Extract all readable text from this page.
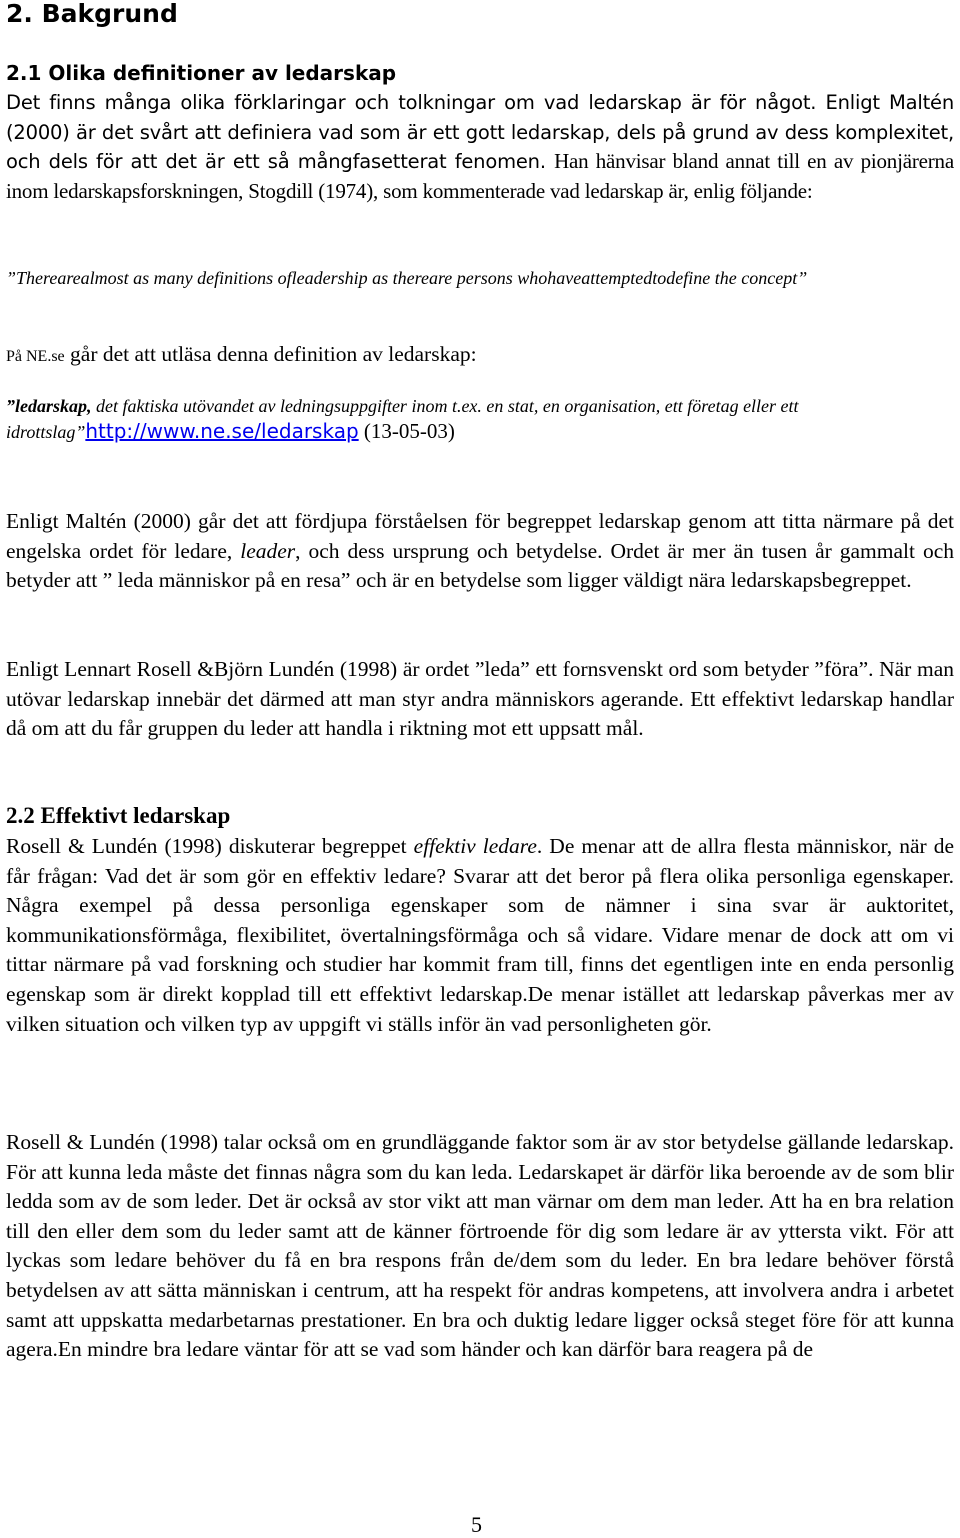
2. Bakgrund
2.1 Olika definitioner av ledarskap

Det finns många olika förklaringar och tolkningar om vad ledarskap är för något. Enligt Maltén (2000) är det svårt att definiera vad som är ett gott ledarskap, dels på grund av dess komplexitet, och dels för att det är ett så mångfasetterat fenomen. Han hänvisar bland annat till en av pionjärerna inom ledarskapsforskningen, Stogdill (1974), som kommenterade vad ledarskap är, enlig följande:

”Therearealmost as many definitions ofleadership as thereare persons whohaveattemptedtodefine the concept”

På NE.se går det att utläsa denna definition av ledarskap:

”ledarskap, det faktiska utövandet av ledningsuppgifter inom t.ex. en stat, en organisation, ett företag eller ett idrottslag”http://www.ne.se/ledarskap (13-05-03)

Enligt Maltén (2000) går det att fördjupa förståelsen för begreppet ledarskap genom att titta närmare på det engelska ordet för ledare, leader, och dess ursprung och betydelse. Ordet är mer än tusen år gammalt och betyder att ” leda människor på en resa” och är en betydelse som ligger väldigt nära ledarskapsbegreppet.

Enligt Lennart Rosell &Björn Lundén (1998) är ordet ”leda” ett fornsvenskt ord som betyder ”föra”. När man utövar ledarskap innebär det därmed att man styr andra människors agerande. Ett effektivt ledarskap handlar då om att du får gruppen du leder att handla i riktning mot ett uppsatt mål.

2.2 Effektivt ledarskap

Rosell & Lundén (1998) diskuterar begreppet effektiv ledare. De menar att de allra flesta människor, när de får frågan: Vad det är som gör en effektiv ledare? Svarar att det beror på flera olika personliga egenskaper. Några exempel på dessa personliga egenskaper som de nämner i sina svar är auktoritet, kommunikationsförmåga, flexibilitet, övertalningsförmåga och så vidare. Vidare menar de dock att om vi tittar närmare på vad forskning och studier har kommit fram till, finns det egentligen inte en enda personlig egenskap som är direkt kopplad till ett effektivt ledarskap.De menar istället att ledarskap påverkas mer av vilken situation och vilken typ av uppgift vi ställs inför än vad personligheten gör.

Rosell & Lundén (1998) talar också om en grundläggande faktor som är av stor betydelse gällande ledarskap. För att kunna leda måste det finnas några som du kan leda. Ledarskapet är därför lika beroende av de som blir ledda som av de som leder. Det är också av stor vikt att man värnar om dem man leder. Att ha en bra relation till den eller dem som du leder samt att de känner förtroende för dig som ledare är av yttersta vikt. För att lyckas som ledare behöver du få en bra respons från de/dem som du leder. En bra ledare behöver förstå betydelsen av att sätta människan i centrum, att ha respekt för andras kompetens, att involvera andra i arbetet samt att uppskatta medarbetarnas prestationer. En bra och duktig ledare ligger också steget före för att kunna agera.En mindre bra ledare väntar för att se vad som händer och kan därför bara reagera på de

5
